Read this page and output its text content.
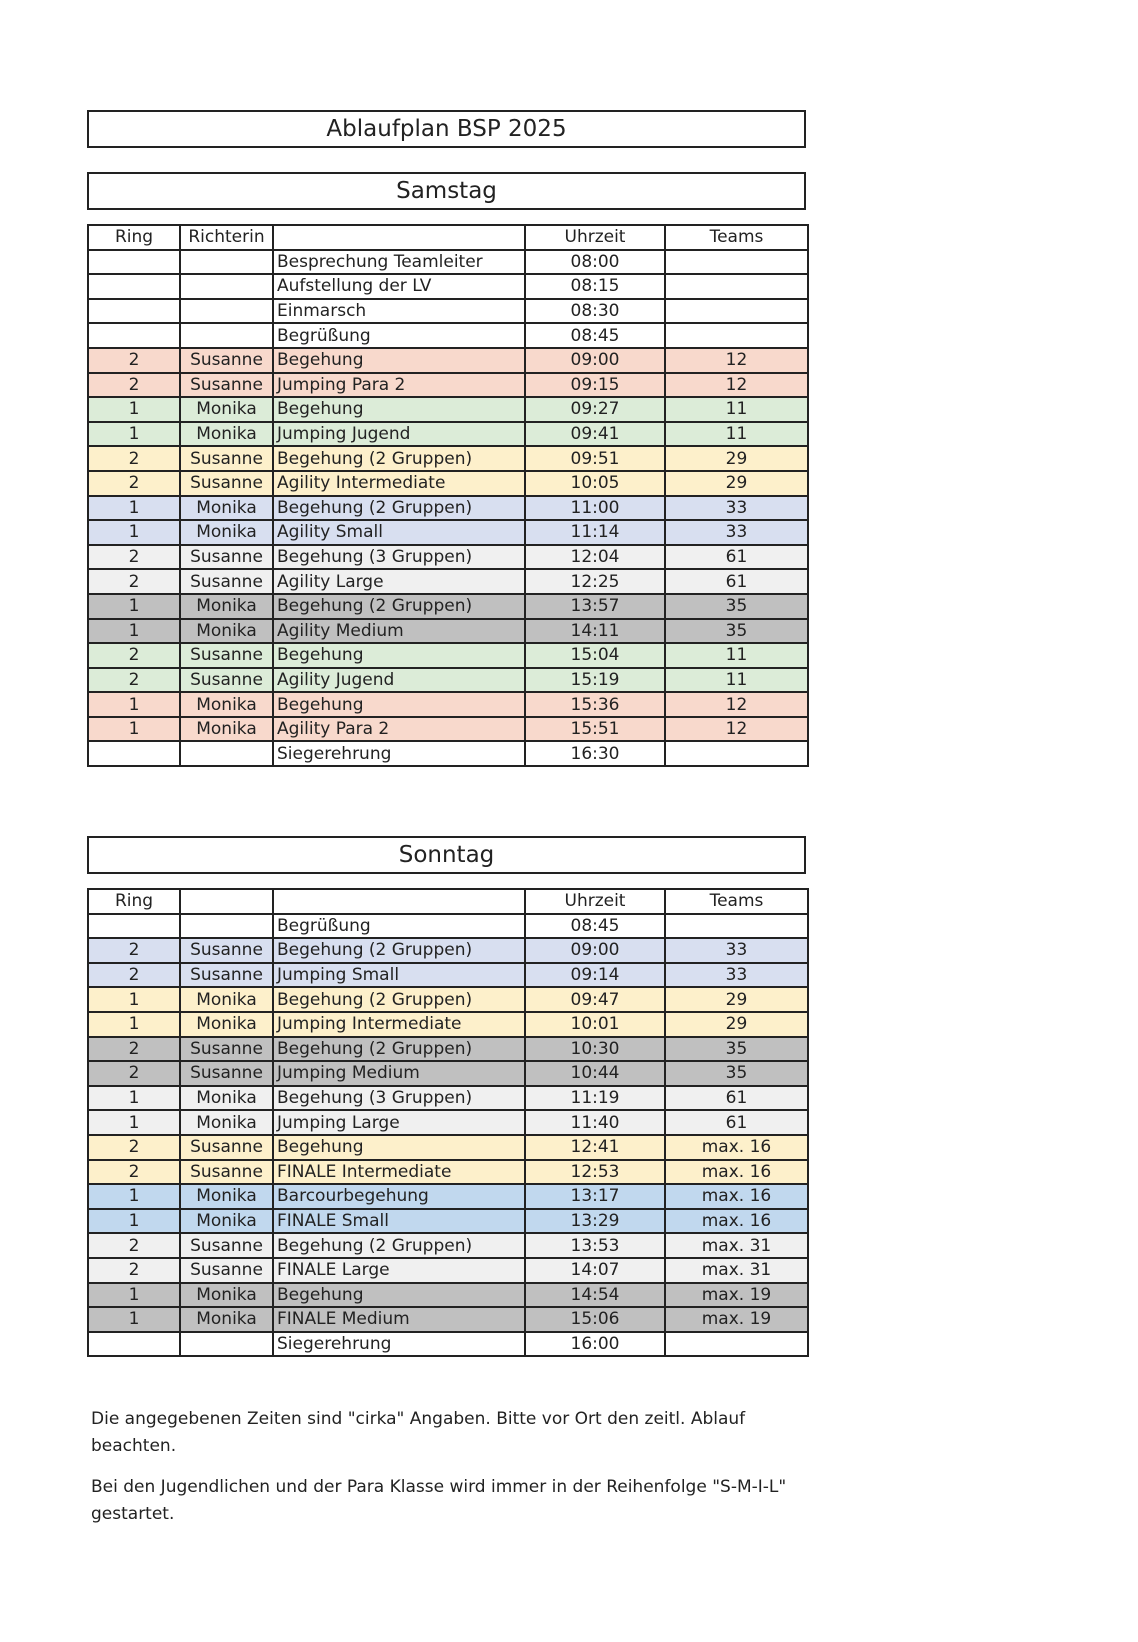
Ablaufplan BSP 2025
Samstag
Ring	Richterin		Uhrzeit	Teams
		Besprechung Teamleiter	08:00	
		Aufstellung der LV	08:15	
		Einmarsch	08:30	
		Begrüßung	08:45	
2	Susanne	Begehung	09:00	12
2	Susanne	Jumping Para 2	09:15	12
1	Monika	Begehung	09:27	11
1	Monika	Jumping Jugend	09:41	11
2	Susanne	Begehung (2 Gruppen)	09:51	29
2	Susanne	Agility Intermediate	10:05	29
1	Monika	Begehung (2 Gruppen)	11:00	33
1	Monika	Agility Small	11:14	33
2	Susanne	Begehung (3 Gruppen)	12:04	61
2	Susanne	Agility Large	12:25	61
1	Monika	Begehung (2 Gruppen)	13:57	35
1	Monika	Agility Medium	14:11	35
2	Susanne	Begehung	15:04	11
2	Susanne	Agility Jugend	15:19	11
1	Monika	Begehung	15:36	12
1	Monika	Agility Para 2	15:51	12
		Siegerehrung	16:30	
Sonntag
Ring			Uhrzeit	Teams
		Begrüßung	08:45	
2	Susanne	Begehung (2 Gruppen)	09:00	33
2	Susanne	Jumping Small	09:14	33
1	Monika	Begehung (2 Gruppen)	09:47	29
1	Monika	Jumping Intermediate	10:01	29
2	Susanne	Begehung (2 Gruppen)	10:30	35
2	Susanne	Jumping Medium	10:44	35
1	Monika	Begehung (3 Gruppen)	11:19	61
1	Monika	Jumping Large	11:40	61
2	Susanne	Begehung	12:41	max. 16
2	Susanne	FINALE Intermediate	12:53	max. 16
1	Monika	Barcourbegehung	13:17	max. 16
1	Monika	FINALE Small	13:29	max. 16
2	Susanne	Begehung (2 Gruppen)	13:53	max. 31
2	Susanne	FINALE Large	14:07	max. 31
1	Monika	Begehung	14:54	max. 19
1	Monika	FINALE Medium	15:06	max. 19
		Siegerehrung	16:00	
Die angegebenen Zeiten sind "cirka" Angaben. Bitte vor Ort den zeitl. Ablauf beachten.
Bei den Jugendlichen und der Para Klasse wird immer in der Reihenfolge "S-M-I-L" gestartet.
